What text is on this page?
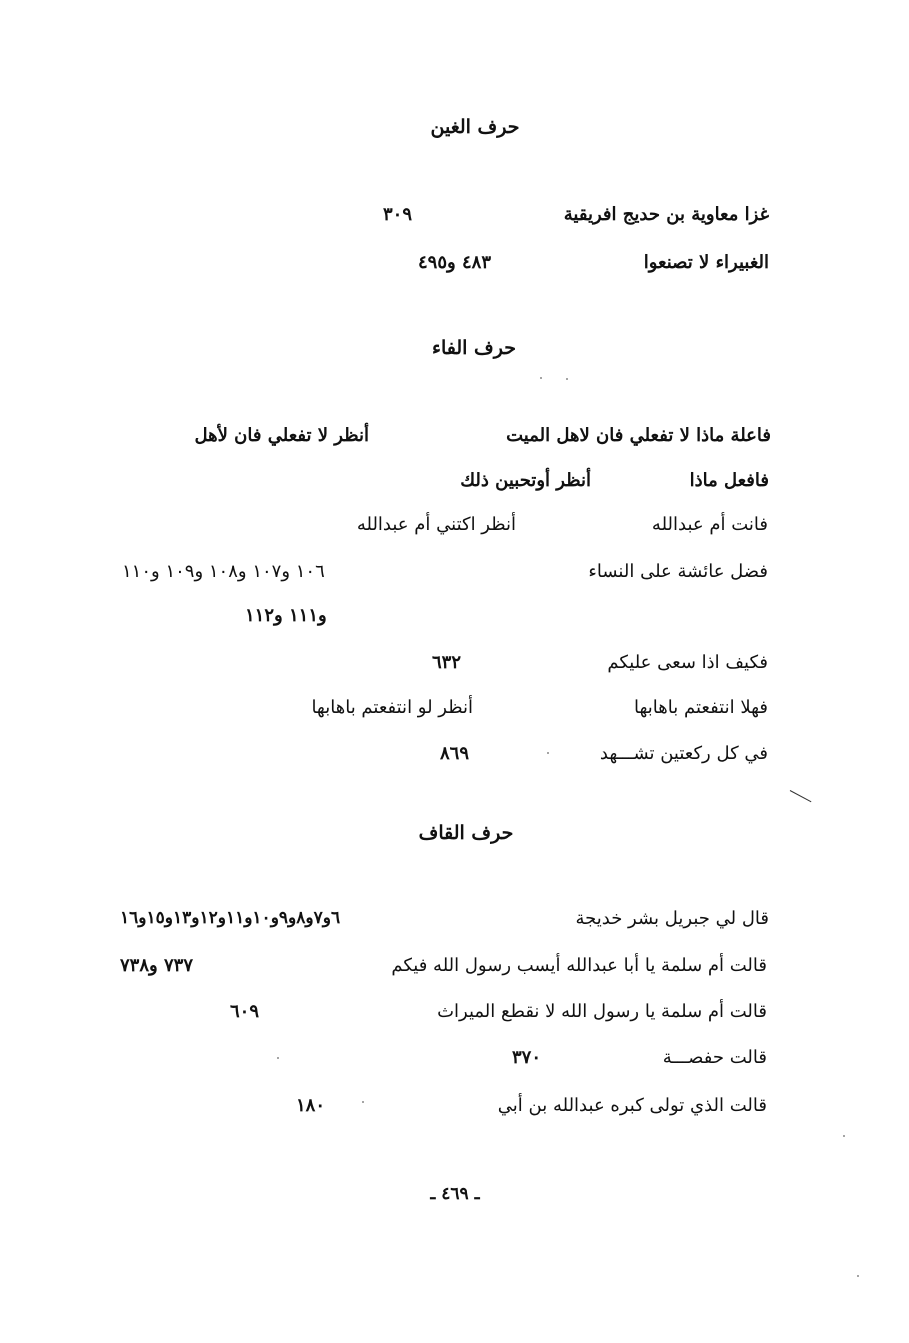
حرف الغين
غزا معاوية بن حديج افريقية
٣٠٩
الغبيراء لا تصنعوا
٤٨٣ و٤٩٥
حرف الفاء
فاعلة ماذا لا تفعلي فان لاهل الميت
أنظر لا تفعلي فان لأهل
فافعل ماذا
أنظر أوتحبين ذلك
فانت أم عبدالله
أنظر اكتني أم عبدالله
فضل عائشة على النساء
١٠٦ و١٠٧ و١٠٨ و١٠٩ و١١٠
و١١١ و١١٢
فكيف اذا سعى عليكم
٦٣٢
فهلا انتفعتم باهابها
أنظر لو انتفعتم باهابها
في كل ركعتين تشـــهد
٨٦٩
حرف القاف
قال لي جبريل بشر خديجة
٦و٧و٨و٩و١٠و١١و١٢و١٣و١٥و١٦
قالت أم سلمة يا أبا عبدالله أيسب رسول الله فيكم
٧٣٧ و٧٣٨
قالت أم سلمة يا رسول الله لا نقطع الميراث
٦٠٩
قالت حفصـــة
٣٧٠
قالت الذي تولى كبره عبدالله بن أبي
١٨٠
ـ ٤٦٩ ـ
